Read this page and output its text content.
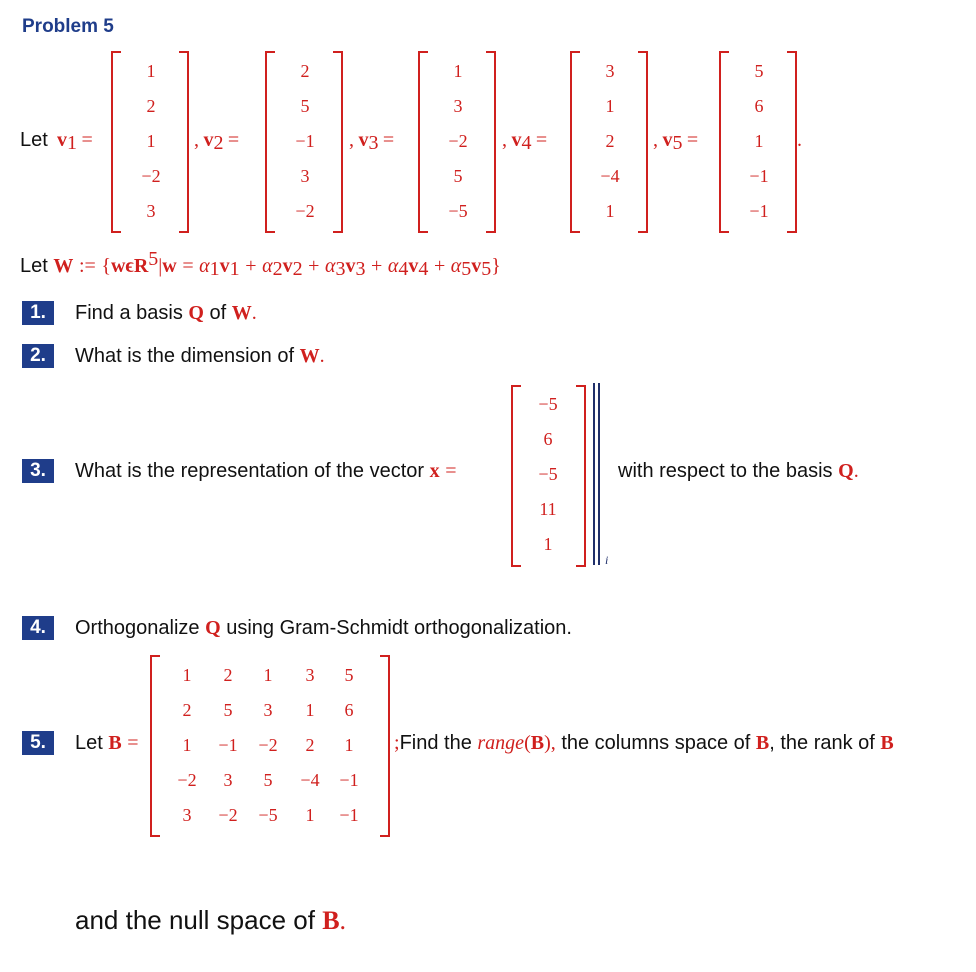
Problem 5
Let v1 =
1
2
1
−2
3
, v2 =
2
5
−1
3
−2
, v3 =
1
3
−2
5
−5
, v4 =
3
1
2
−4
1
, v5 =
5
6
1
−1
−1
.
Let W := {wϵR5|w = α1v1 + α2v2 + α3v3 + α4v4 + α5v5}
1.	Find a basis Q of W.
2.	What is the dimension of W.
3.	What is the representation of the vector x =
−5
6
−5
11
1
i
with respect to the basis Q.
4.	Orthogonalize Q using Gram-Schmidt orthogonalization.
5.	Let B =
1	2	1	3	5
2	5	3	1	6
1	−1	−2	2	1
−2	3	5	−4	−1
3	−2	−5	1	−1
;Find the range(B), the columns space of B, the rank of B
and the null space of B.
